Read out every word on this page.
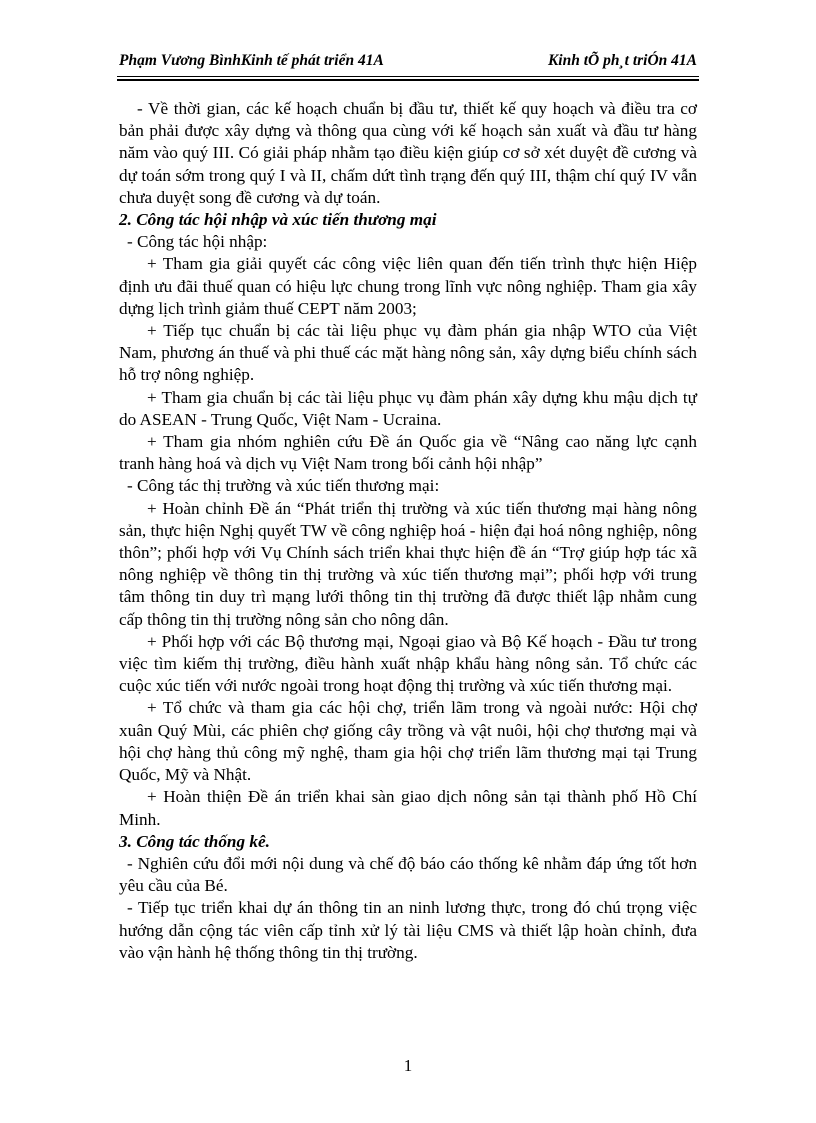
Phạm Vương BìnhKinh tế phát triển 41A	Kinh tÕ ph¸t triÓn 41A

- Về thời gian, các kế hoạch chuẩn bị đầu tư, thiết kế quy hoạch và điều tra cơ bản phải được xây dựng và thông qua cùng với kế hoạch sản xuất và đầu tư hàng năm vào quý III. Có giải pháp nhằm tạo điều kiện giúp cơ sở xét duyệt đề cương và dự toán sớm trong quý I và II, chấm dứt tình trạng đến quý III, thậm chí quý IV vẫn chưa duyệt song đề cương và dự toán.

2. Công tác hội nhập và xúc tiến thương mại

- Công tác hội nhập:

+ Tham gia giải quyết các công việc liên quan đến tiến trình thực hiện Hiệp định ưu đãi thuế quan có hiệu lực chung trong lĩnh vực nông nghiệp. Tham gia xây dựng lịch trình giảm thuế CEPT năm 2003;

+ Tiếp tục chuẩn bị các tài liệu phục vụ đàm phán gia nhập WTO của Việt Nam, phương án thuế và phi thuế các mặt hàng nông sản, xây dựng biểu chính sách hỗ trợ nông nghiệp.

+ Tham gia chuẩn bị các tài liệu phục vụ đàm phán xây dựng khu mậu dịch tự do ASEAN - Trung Quốc, Việt Nam - Ucraina.

+ Tham gia nhóm nghiên cứu Đề án Quốc gia về “Nâng cao năng lực cạnh tranh hàng hoá và dịch vụ Việt Nam trong bối cảnh hội nhập”

- Công tác thị trường và xúc tiến thương mại:

+ Hoàn chỉnh Đề án “Phát triển thị trường và xúc tiến thương mại hàng nông sản, thực hiện Nghị quyết TW về công nghiệp hoá - hiện đại hoá nông nghiệp, nông thôn”; phối hợp với Vụ Chính sách triển khai thực hiện đề án “Trợ giúp hợp tác xã nông nghiệp về thông tin thị trường và xúc tiến thương mại”; phối hợp với trung tâm thông tin duy trì mạng lưới thông tin thị trường đã được thiết lập nhằm cung cấp thông tin thị trường nông sản cho nông dân.

+ Phối hợp với các Bộ thương mại, Ngoại giao và Bộ Kế hoạch - Đầu tư trong việc tìm kiếm thị trường, điều hành xuất nhập khẩu hàng nông sản. Tổ chức các cuộc xúc tiến với nước ngoài trong hoạt động thị trường và xúc tiến thương mại.

+ Tổ chức và tham gia các hội chợ, triển lãm trong và ngoài nước: Hội chợ xuân Quý Mùi, các phiên chợ giống cây trồng và vật nuôi, hội chợ thương mại và hội chợ hàng thủ công mỹ nghệ, tham gia hội chợ triển lãm thương mại tại Trung Quốc, Mỹ và Nhật.

+ Hoàn thiện Đề án triển khai sàn giao dịch nông sản tại thành phố Hồ Chí Minh.

3. Công tác thống kê.

- Nghiên cứu đổi mới nội dung và chế độ báo cáo thống kê nhằm đáp ứng tốt hơn yêu cầu của Bé.

- Tiếp tục triển khai dự án thông tin an ninh lương thực, trong đó chú trọng việc hướng dẫn cộng tác viên cấp tỉnh xử lý tài liệu CMS và thiết lập hoàn chỉnh, đưa vào vận hành hệ thống thông tin thị trường.

1
